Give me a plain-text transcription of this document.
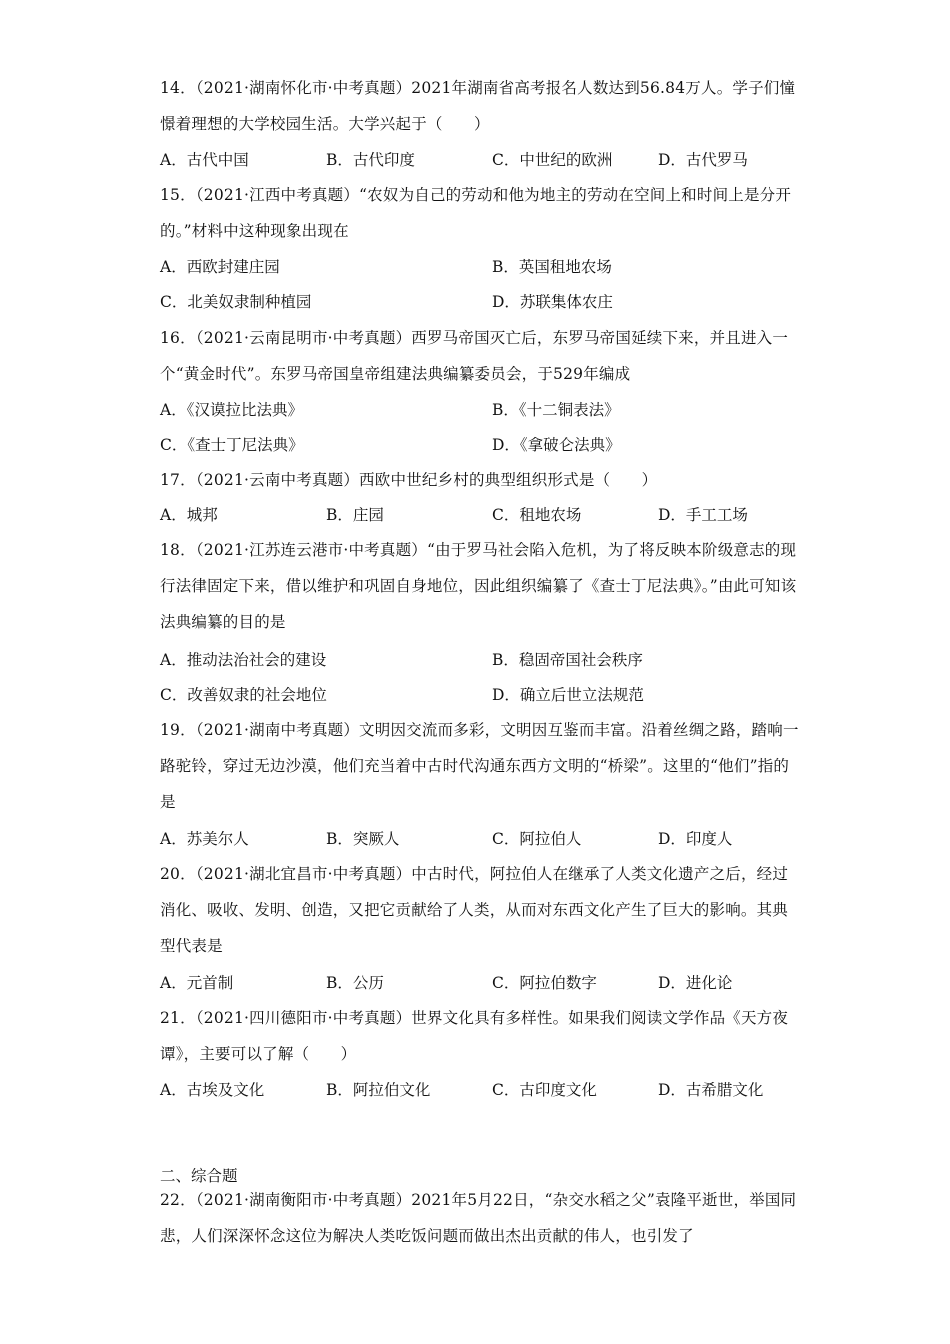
14．（2021·湖南怀化市·中考真题）2021年湖南省高考报名人数达到56.84万人。学子们憧憬着理想的大学校园生活。大学兴起于（　　）
A．古代中国	B．古代印度	C．中世纪的欧洲	D．古代罗马
15．（2021·江西中考真题）“农奴为自己的劳动和他为地主的劳动在空间上和时间上是分开的。”材料中这种现象出现在
A．西欧封建庄园	B．英国租地农场
C．北美奴隶制种植园	D．苏联集体农庄
16．（2021·云南昆明市·中考真题）西罗马帝国灭亡后，东罗马帝国延续下来，并且进入一个“黄金时代”。东罗马帝国皇帝组建法典编纂委员会，于529年编成
A．《汉谟拉比法典》	B．《十二铜表法》
C．《查士丁尼法典》	D．《拿破仑法典》
17．（2021·云南中考真题）西欧中世纪乡村的典型组织形式是（　　）
A．城邦	B．庄园	C．租地农场	D．手工工场
18．（2021·江苏连云港市·中考真题）“由于罗马社会陷入危机，为了将反映本阶级意志的现行法律固定下来，借以维护和巩固自身地位，因此组织编纂了《查士丁尼法典》。”由此可知该法典编纂的目的是
A．推动法治社会的建设	B．稳固帝国社会秩序
C．改善奴隶的社会地位	D．确立后世立法规范
19．（2021·湖南中考真题）文明因交流而多彩，文明因互鉴而丰富。沿着丝绸之路，踏响一路驼铃，穿过无边沙漠，他们充当着中古时代沟通东西方文明的“桥梁”。这里的“他们”指的是
A．苏美尔人	B．突厥人	C．阿拉伯人	D．印度人
20．（2021·湖北宜昌市·中考真题）中古时代，阿拉伯人在继承了人类文化遗产之后，经过消化、吸收、发明、创造，又把它贡献给了人类，从而对东西文化产生了巨大的影响。其典型代表是
A．元首制	B．公历	C．阿拉伯数字	D．进化论
21．（2021·四川德阳市·中考真题）世界文化具有多样性。如果我们阅读文学作品《天方夜谭》，主要可以了解（　　）
A．古埃及文化	B．阿拉伯文化	C．古印度文化	D．古希腊文化
二、综合题
22．（2021·湖南衡阳市·中考真题）2021年5月22日，“杂交水稻之父”袁隆平逝世，举国同悲，人们深深怀念这位为解决人类吃饭问题而做出杰出贡献的伟人，也引发了
